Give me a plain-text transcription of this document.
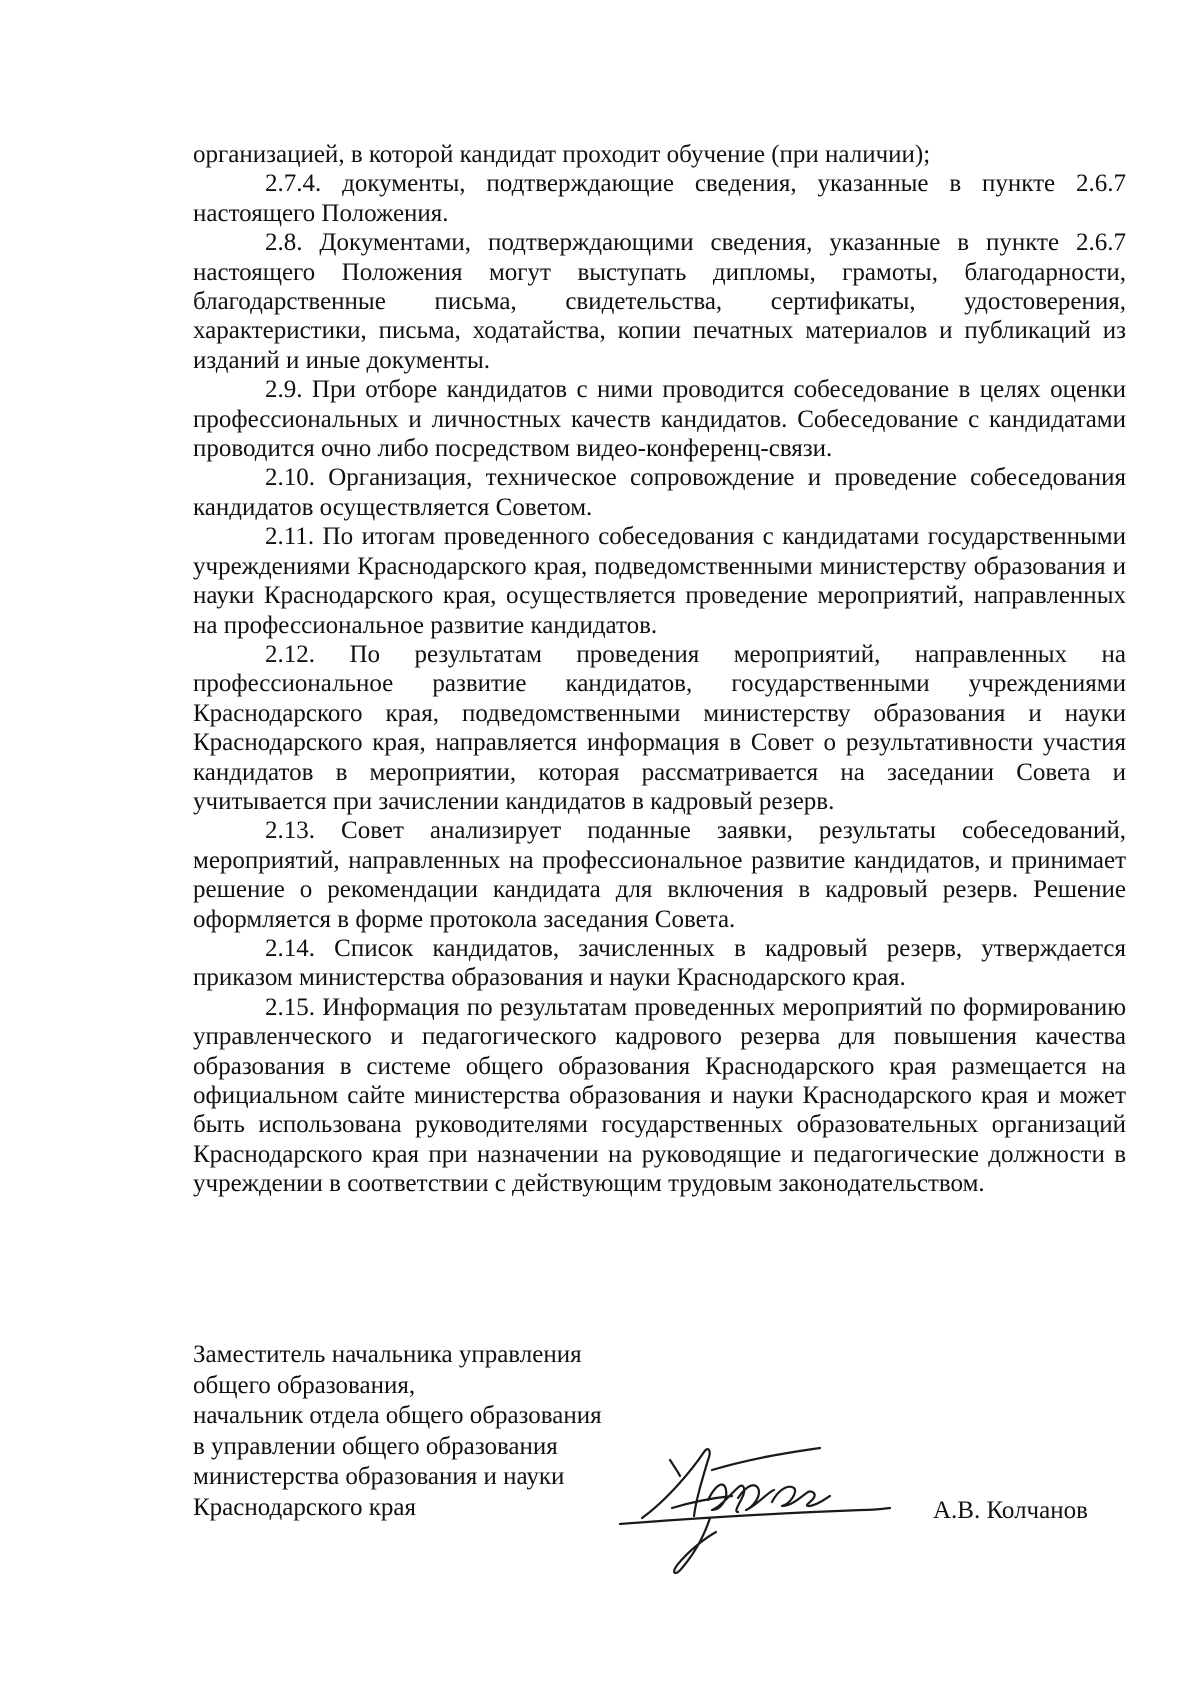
организацией, в которой кандидат проходит обучение (при наличии);

2.7.4. документы, подтверждающие сведения, указанные в пункте 2.6.7 настоящего Положения.

2.8. Документами, подтверждающими сведения, указанные в пункте 2.6.7 настоящего Положения могут выступать дипломы, грамоты, благодарности, благодарственные письма, свидетельства, сертификаты, удостоверения, характеристики, письма, ходатайства, копии печатных материалов и публикаций из изданий и иные документы.

2.9. При отборе кандидатов с ними проводится собеседование в целях оценки профессиональных и личностных качеств кандидатов. Собеседование с кандидатами проводится очно либо посредством видео-конференц-связи.

2.10. Организация, техническое сопровождение и проведение собеседования кандидатов осуществляется Советом.

2.11. По итогам проведенного собеседования с кандидатами государственными учреждениями Краснодарского края, подведомственными министерству образования и науки Краснодарского края, осуществляется проведение мероприятий, направленных на профессиональное развитие кандидатов.

2.12. По результатам проведения мероприятий, направленных на профессиональное развитие кандидатов, государственными учреждениями Краснодарского края, подведомственными министерству образования и науки Краснодарского края, направляется информация в Совет о результативности участия кандидатов в мероприятии, которая рассматривается на заседании Совета и учитывается при зачислении кандидатов в кадровый резерв.

2.13. Совет анализирует поданные заявки, результаты собеседований, мероприятий, направленных на профессиональное развитие кандидатов, и принимает решение о рекомендации кандидата для включения в кадровый резерв. Решение оформляется в форме протокола заседания Совета.

2.14. Список кандидатов, зачисленных в кадровый резерв, утверждается приказом министерства образования и науки Краснодарского края.

2.15. Информация по результатам проведенных мероприятий по формированию управленческого и педагогического кадрового резерва для повышения качества образования в системе общего образования Краснодарского края размещается на официальном сайте министерства образования и науки Краснодарского края и может быть использована руководителями государственных образовательных организаций Краснодарского края при назначении на руководящие и педагогические должности в учреждении в соответствии с действующим трудовым законодательством.

Заместитель начальника управления
общего образования,
начальник отдела общего образования
в управлении общего образования
министерства образования и науки
Краснодарского края	А.В. Колчанов
